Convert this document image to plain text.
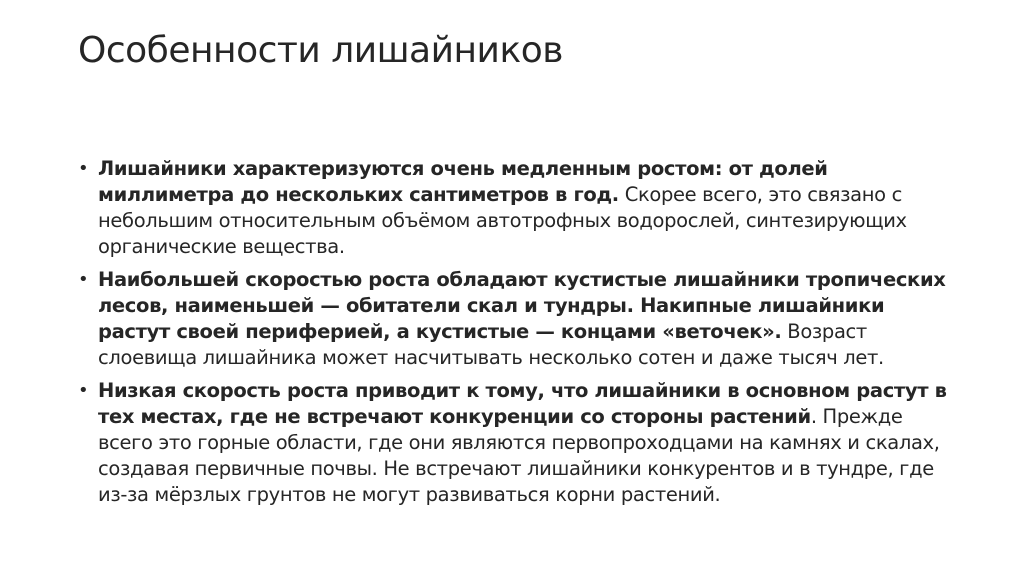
Особенности лишайников
• Лишайники характеризуются очень медленным ростом: от долей миллиметра до нескольких сантиметров в год. Скорее всего, это связано с небольшим относительным объёмом автотрофных водорослей, синтезирующих органические вещества.
• Наибольшей скоростью роста обладают кустистые лишайники тропических лесов, наименьшей — обитатели скал и тундры. Накипные лишайники растут своей периферией, а кустистые — концами «веточек». Возраст слоевища лишайника может насчитывать несколько сотен и даже тысяч лет.
• Низкая скорость роста приводит к тому, что лишайники в основном растут в тех местах, где не встречают конкуренции со стороны растений. Прежде всего это горные области, где они являются первопроходцами на камнях и скалах, создавая первичные почвы. Не встречают лишайники конкурентов и в тундре, где из-за мёрзлых грунтов не могут развиваться корни растений.
